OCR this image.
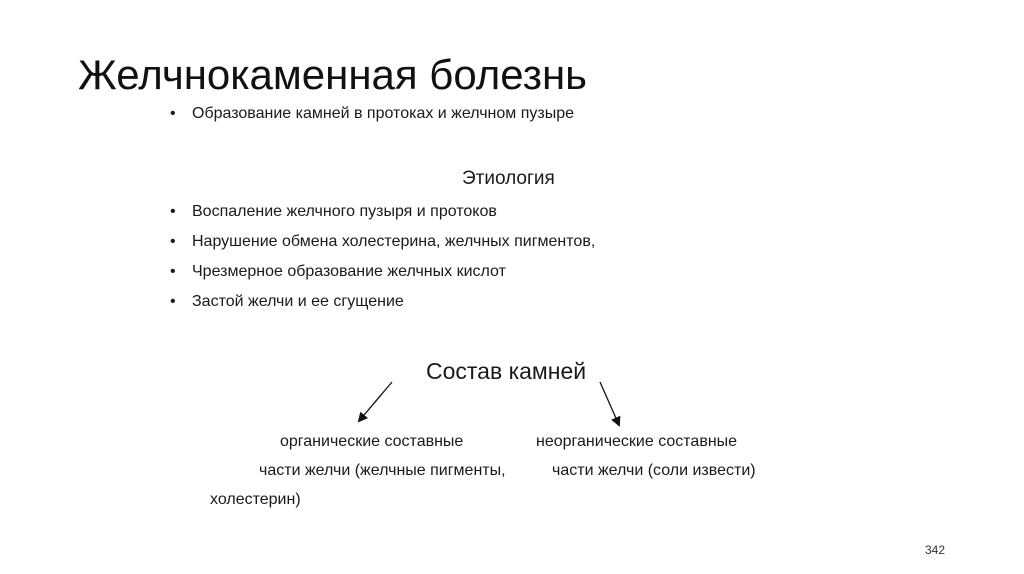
Желчнокаменная болезнь
• Образование камней в протоках и желчном пузыре
Этиология
• Воспаление желчного пузыря и протоков
• Нарушение обмена холестерина, желчных пигментов,
• Чрезмерное образование желчных кислот
• Застой желчи и ее сгущение
Состав камней
органические составные
части желчи (желчные пигменты,
холестерин)
неорганические составные
части желчи (соли извести)
342
